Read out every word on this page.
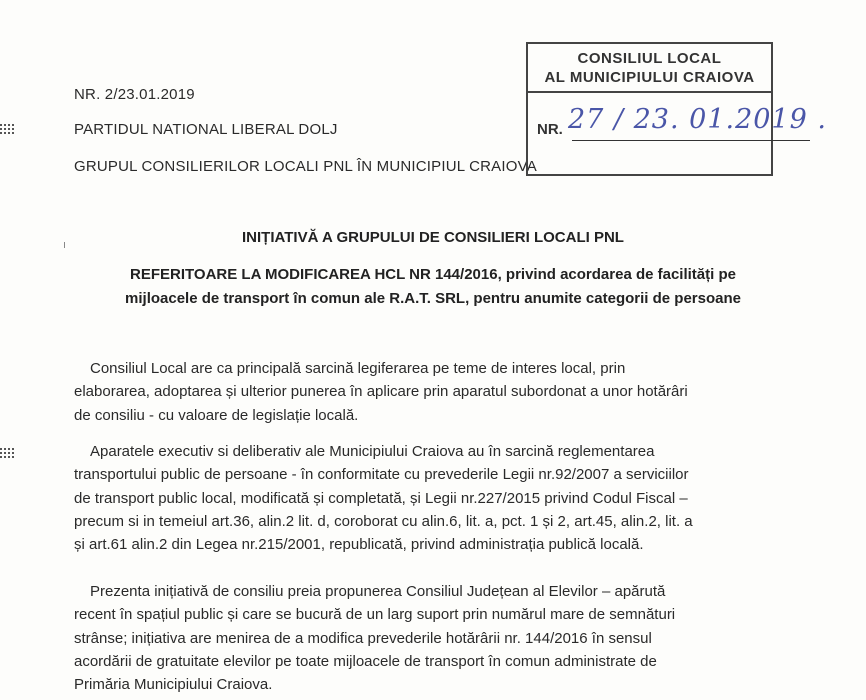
NR. 2/23.01.2019
PARTIDUL NATIONAL LIBERAL DOLJ
GRUPUL CONSILIERILOR LOCALI PNL ÎN MUNICIPIUL CRAIOVA
CONSILIUL LOCAL
AL MUNICIPIULUI CRAIOVA
NR. 27 / 23. 01.2019 .
INIȚIATIVĂ A GRUPULUI DE CONSILIERI LOCALI PNL
REFERITOARE LA MODIFICAREA HCL NR 144/2016, privind acordarea de facilități pe
mijloacele de transport în comun ale R.A.T. SRL, pentru anumite categorii de persoane
Consiliul Local are ca principală sarcină legiferarea pe teme de interes local, prin
elaborarea, adoptarea și ulterior punerea în aplicare prin aparatul subordonat a unor hotărâri
de consiliu - cu valoare de legislație locală.
Aparatele executiv si deliberativ ale Municipiului Craiova au în sarcină reglementarea
transportului public de persoane - în conformitate cu prevederile Legii nr.92/2007 a serviciilor
de transport public local, modificată și completată, și Legii nr.227/2015 privind Codul Fiscal –
precum si in temeiul art.36, alin.2 lit. d, coroborat cu alin.6, lit. a, pct. 1 și 2, art.45, alin.2, lit. a
și art.61 alin.2 din Legea nr.215/2001, republicată, privind administrația publică locală.
Prezenta inițiativă de consiliu preia propunerea Consiliul Județean al Elevilor – apărută
recent în spațiul public și care se bucură de un larg suport prin numărul mare de semnături
strânse; inițiativa are menirea de a modifica prevederile hotărârii nr. 144/2016 în sensul
acordării de gratuitate elevilor pe toate mijloacele de transport în comun administrate de
Primăria Municipiului Craiova.
